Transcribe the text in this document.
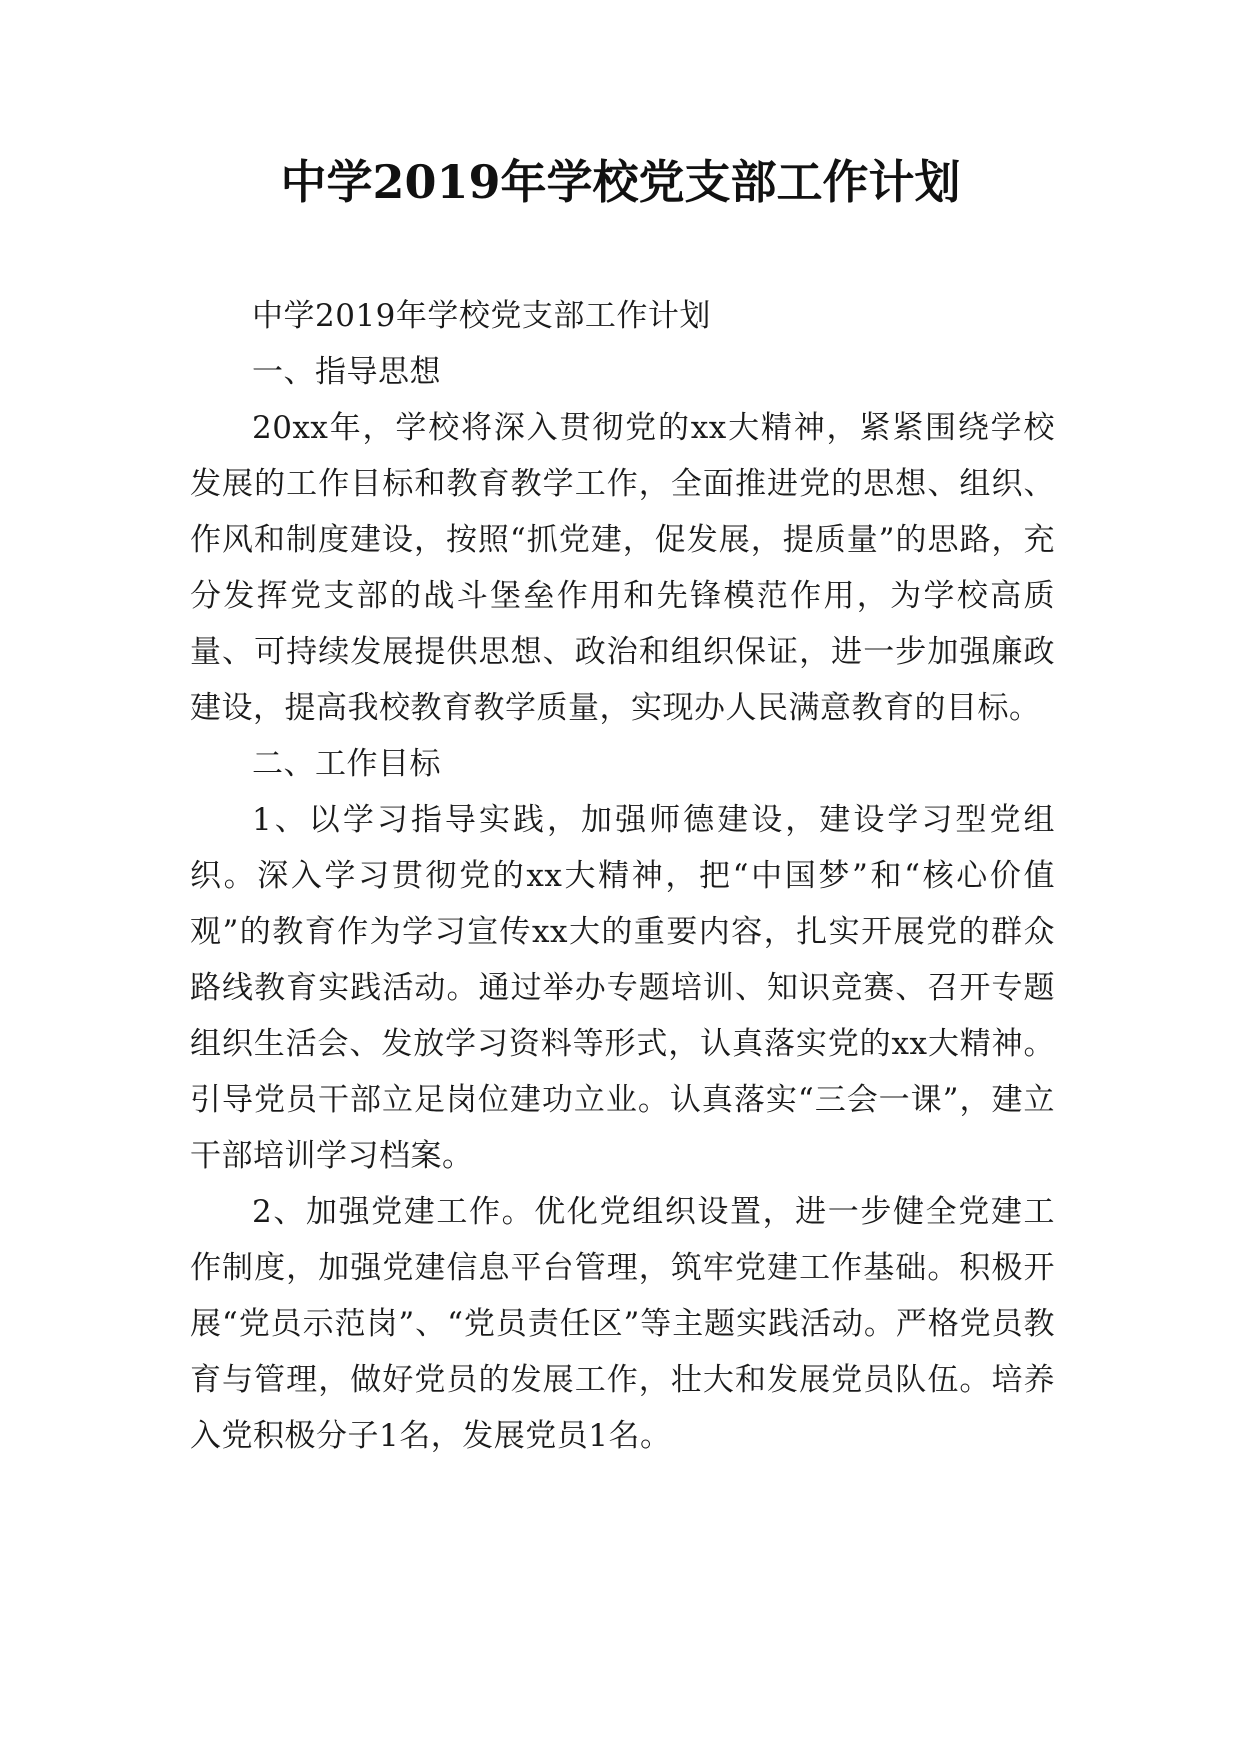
中学2019年学校党支部工作计划

中学2019年学校党支部工作计划

一、指导思想

20xx年，学校将深入贯彻党的xx大精神，紧紧围绕学校发展的工作目标和教育教学工作，全面推进党的思想、组织、作风和制度建设，按照“抓党建，促发展，提质量”的思路，充分发挥党支部的战斗堡垒作用和先锋模范作用，为学校高质量、可持续发展提供思想、政治和组织保证，进一步加强廉政建设，提高我校教育教学质量，实现办人民满意教育的目标。

二、工作目标

1、以学习指导实践，加强师德建设，建设学习型党组织。深入学习贯彻党的xx大精神，把“中国梦”和“核心价值观”的教育作为学习宣传xx大的重要内容，扎实开展党的群众路线教育实践活动。通过举办专题培训、知识竞赛、召开专题组织生活会、发放学习资料等形式，认真落实党的xx大精神。引导党员干部立足岗位建功立业。认真落实“三会一课”，建立干部培训学习档案。

2、加强党建工作。优化党组织设置，进一步健全党建工作制度，加强党建信息平台管理，筑牢党建工作基础。积极开展“党员示范岗”、“党员责任区”等主题实践活动。严格党员教育与管理，做好党员的发展工作，壮大和发展党员队伍。培养入党积极分子1名，发展党员1名。
